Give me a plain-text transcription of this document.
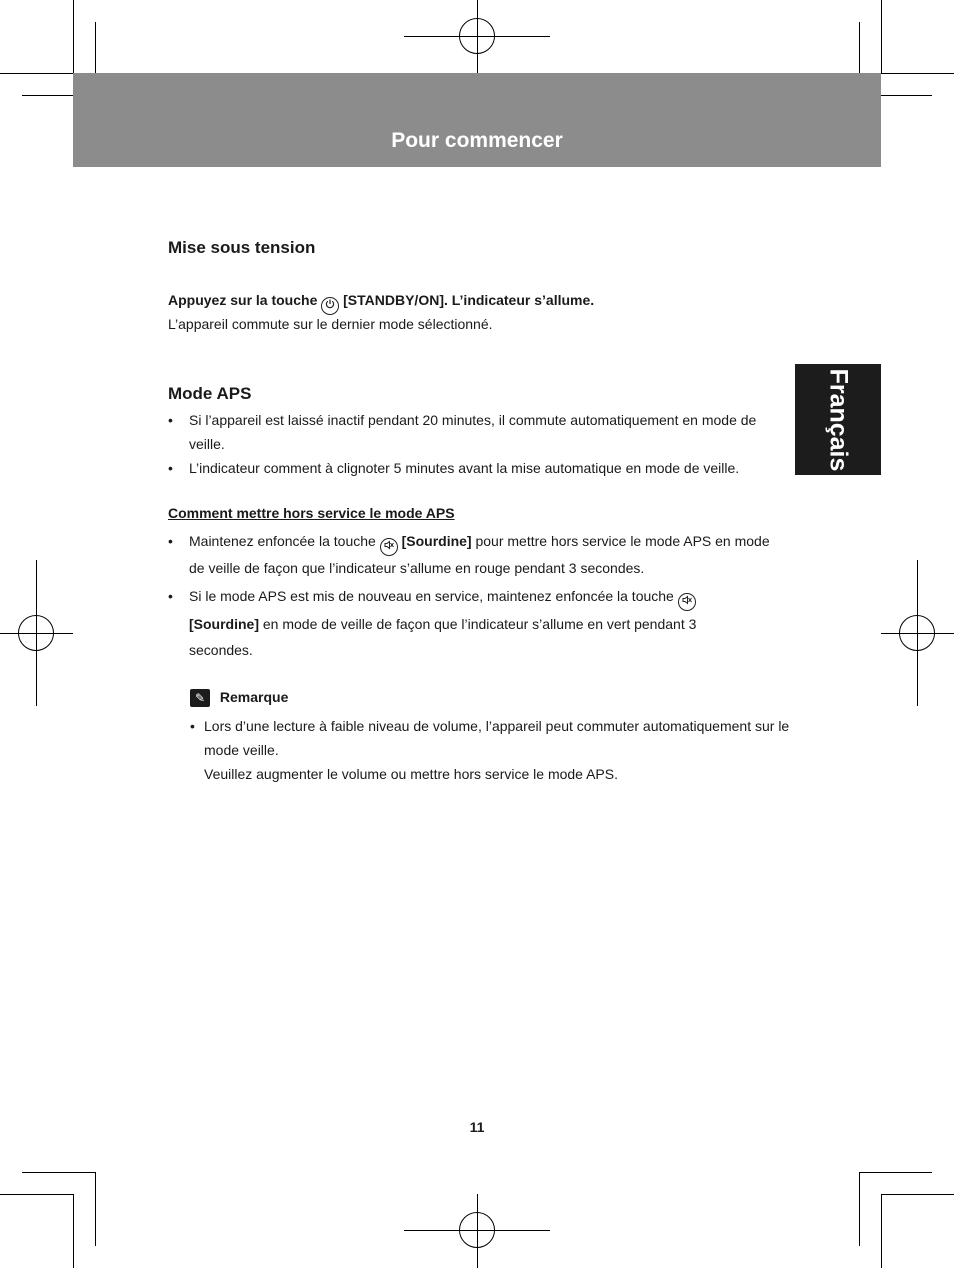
Pour commencer
Français
Mise sous tension
Appuyez sur la touche [STANDBY/ON]. L’indicateur s’allume.

L’appareil commute sur le dernier mode sélectionné.

Mode APS
• Si l’appareil est laissé inactif pendant 20 minutes, il commute automatiquement en mode de veille.
• L’indicateur comment à clignoter 5 minutes avant la mise automatique en mode de veille.
Comment mettre hors service le mode APS
• Maintenez enfoncée la touche [Sourdine] pour mettre hors service le mode APS en mode de veille de façon que l’indicateur s’allume en rouge pendant 3 secondes.
• Si le mode APS est mis de nouveau en service, maintenez enfoncée la touche  [Sourdine] en mode de veille de façon que l’indicateur s’allume en vert pendant 3 secondes.
✎ Remarque
• Lors d’une lecture à faible niveau de volume, l’appareil peut commuter automatiquement sur le mode veille.
Veuillez augmenter le volume ou mettre hors service le mode APS.
11
